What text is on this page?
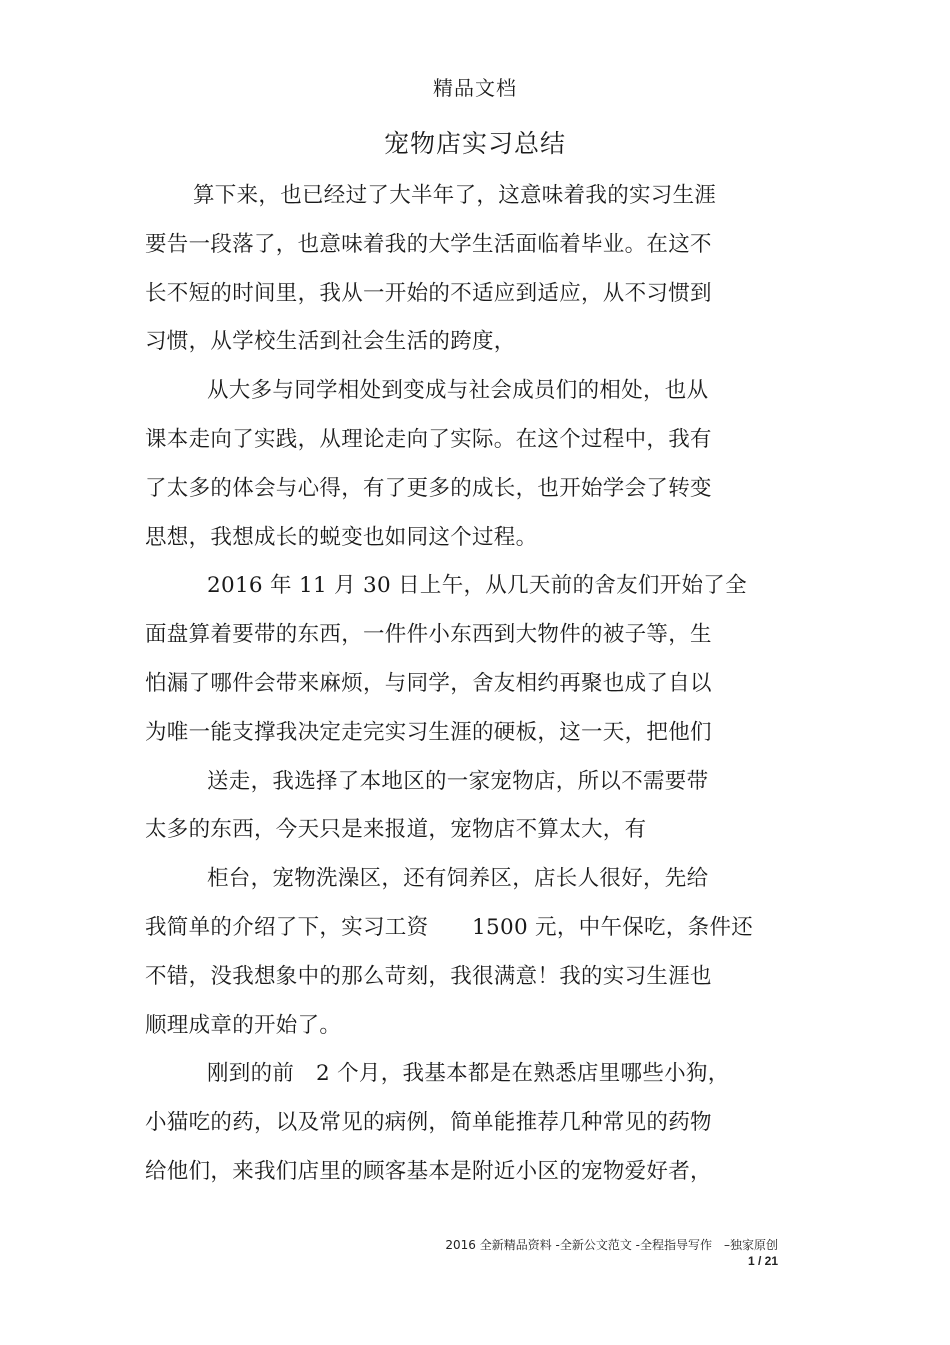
精品文档
宠物店实习总结
算下来，也已经过了大半年了，这意味着我的实习生涯
要告一段落了，也意味着我的大学生活面临着毕业。在这不
长不短的时间里，我从一开始的不适应到适应，从不习惯到
习惯，从学校生活到社会生活的跨度，
从大多与同学相处到变成与社会成员们的相处，也从
课本走向了实践，从理论走向了实际。在这个过程中，我有
了太多的体会与心得，有了更多的成长，也开始学会了转变
思想，我想成长的蜕变也如同这个过程。
2016 年 11 月 30 日上午，从几天前的舍友们开始了全
面盘算着要带的东西，一件件小东西到大物件的被子等，生
怕漏了哪件会带来麻烦，与同学，舍友相约再聚也成了自以
为唯一能支撑我决定走完实习生涯的硬板，这一天，把他们
送走，我选择了本地区的一家宠物店，所以不需要带
太多的东西，今天只是来报道，宠物店不算太大，有
柜台，宠物洗澡区，还有饲养区，店长人很好，先给
我简单的介绍了下，实习工资　　1500 元，中午保吃，条件还
不错，没我想象中的那么苛刻，我很满意！我的实习生涯也
顺理成章的开始了。
刚到的前　2 个月，我基本都是在熟悉店里哪些小狗，
小猫吃的药，以及常见的病例，简单能推荐几种常见的药物
给他们，来我们店里的顾客基本是附近小区的宠物爱好者，
2016 全新精品资料 -全新公文范文 -全程指导写作　–独家原创
1 / 21
